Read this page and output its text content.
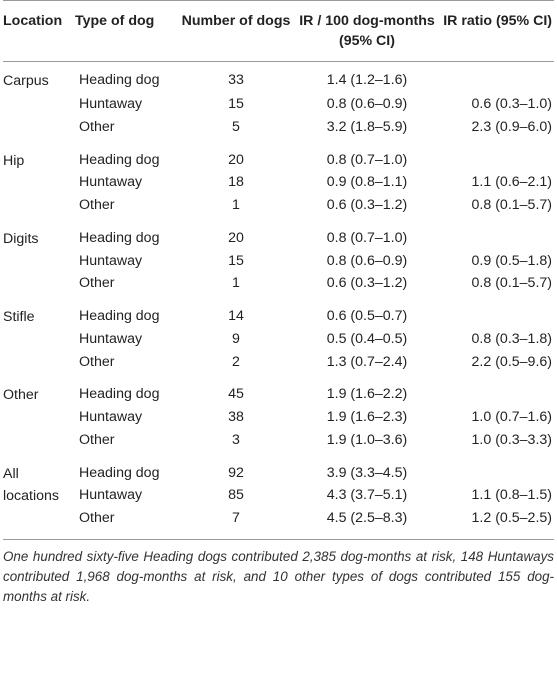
Location	Type of dog	Number of dogs	IR / 100 dog-months (95% CI)	IR ratio (95% CI)
Carpus	Heading dog	33	1.4 (1.2–1.6)	
	Huntaway	15	0.8 (0.6–0.9)	0.6 (0.3–1.0)
	Other	5	3.2 (1.8–5.9)	2.3 (0.9–6.0)

Hip	Heading dog	20	0.8 (0.7–1.0)	
	Huntaway	18	0.9 (0.8–1.1)	1.1 (0.6–2.1)
	Other	1	0.6 (0.3–1.2)	0.8 (0.1–5.7)

Digits	Heading dog	20	0.8 (0.7–1.0)	
	Huntaway	15	0.8 (0.6–0.9)	0.9 (0.5–1.8)
	Other	1	0.6 (0.3–1.2)	0.8 (0.1–5.7)

Stifle	Heading dog	14	0.6 (0.5–0.7)	
	Huntaway	9	0.5 (0.4–0.5)	0.8 (0.3–1.8)
	Other	2	1.3 (0.7–2.4)	2.2 (0.5–9.6)

Other	Heading dog	45	1.9 (1.6–2.2)	
	Huntaway	38	1.9 (1.6–2.3)	1.0 (0.7–1.6)
	Other	3	1.9 (1.0–3.6)	1.0 (0.3–3.3)

All locations	Heading dog	92	3.9 (3.3–4.5)	
	Huntaway	85	4.3 (3.7–5.1)	1.1 (0.8–1.5)
	Other	7	4.5 (2.5–8.3)	1.2 (0.5–2.5)

One hundred sixty-five Heading dogs contributed 2,385 dog-months at risk, 148 Huntaways contributed 1,968 dog-months at risk, and 10 other types of dogs contributed 155 dog-months at risk.
